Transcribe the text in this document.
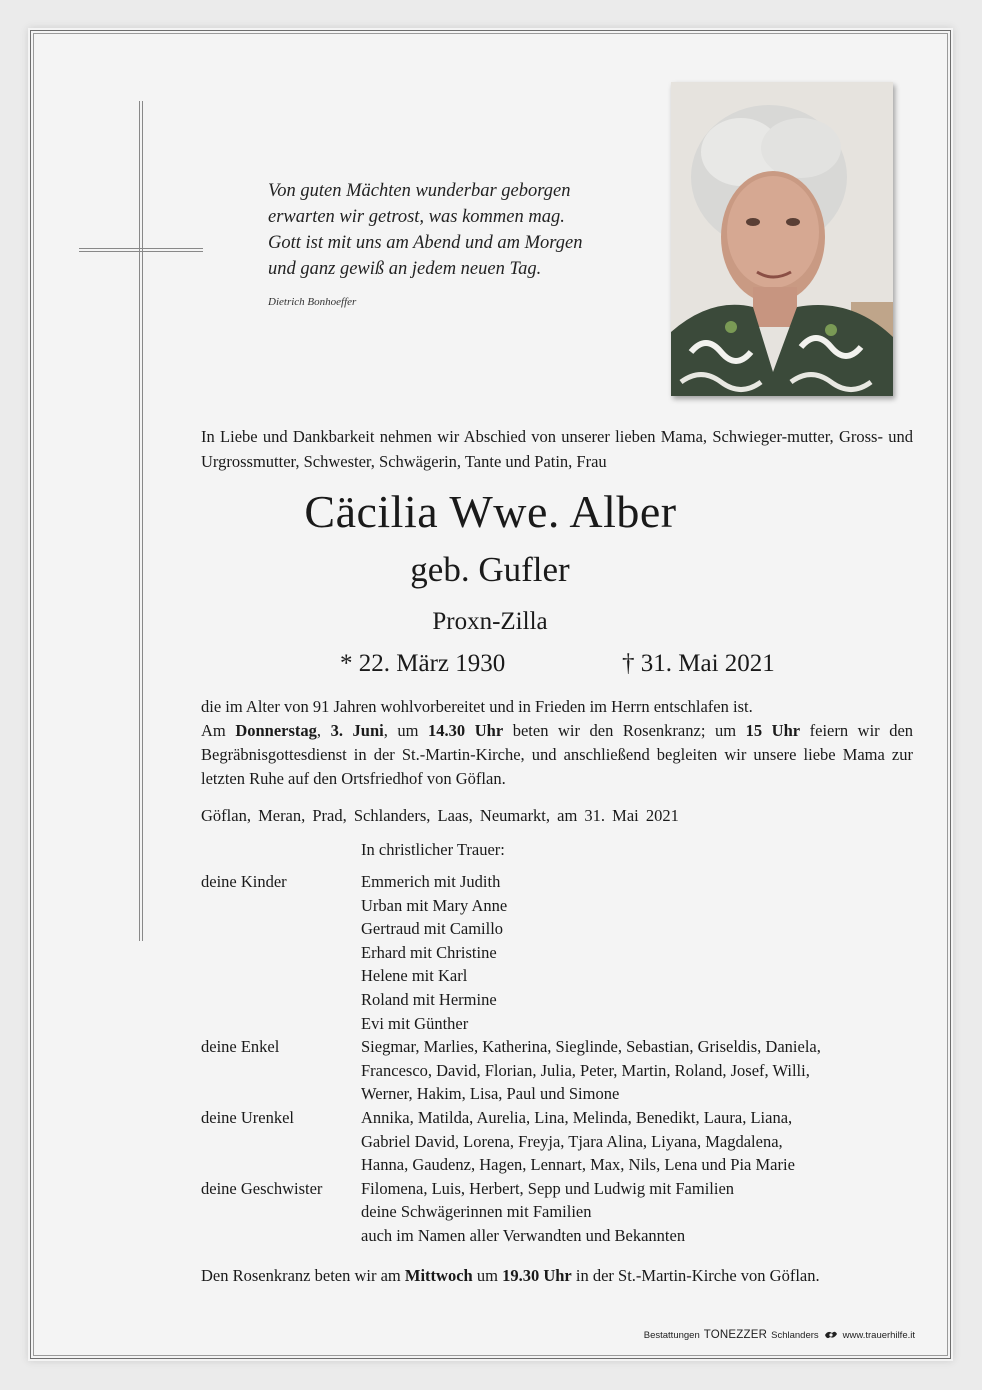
Von guten Mächten wunderbar geborgen
erwarten wir getrost, was kommen mag.
Gott ist mit uns am Abend und am Morgen
und ganz gewiß an jedem neuen Tag.
Dietrich Bonhoeffer
In Liebe und Dankbarkeit nehmen wir Abschied von unserer lieben Mama, Schwieger-mutter, Gross- und Urgrossmutter, Schwester, Schwägerin, Tante und Patin, Frau
Cäcilia Wwe. Alber
geb. Gufler
Proxn-Zilla
* 22. März 1930	† 31. Mai 2021
die im Alter von 91 Jahren wohlvorbereitet und in Frieden im Herrn entschlafen ist.
Am Donnerstag, 3. Juni, um 14.30 Uhr beten wir den Rosenkranz; um 15 Uhr feiern wir den Begräbnisgottesdienst in der St.-Martin-Kirche, und anschließend begleiten wir unsere liebe Mama zur letzten Ruhe auf den Ortsfriedhof von Göflan.
Göflan, Meran, Prad, Schlanders, Laas, Neumarkt, am 31. Mai 2021
In christlicher Trauer:
deine Kinder	Emmerich mit Judith
Urban mit Mary Anne
Gertraud mit Camillo
Erhard mit Christine
Helene mit Karl
Roland mit Hermine
Evi mit Günther
deine Enkel	Siegmar, Marlies, Katherina, Sieglinde, Sebastian, Griseldis, Daniela,
Francesco, David, Florian, Julia, Peter, Martin, Roland, Josef, Willi,
Werner, Hakim, Lisa, Paul und Simone
deine Urenkel	Annika, Matilda, Aurelia, Lina, Melinda, Benedikt, Laura, Liana,
Gabriel David, Lorena, Freyja, Tjara Alina, Liyana, Magdalena,
Hanna, Gaudenz, Hagen, Lennart, Max, Nils, Lena und Pia Marie
deine Geschwister	Filomena, Luis, Herbert, Sepp und Ludwig mit Familien
deine Schwägerinnen mit Familien
auch im Namen aller Verwandten und Bekannten
Den Rosenkranz beten wir am Mittwoch um 19.30 Uhr in der St.-Martin-Kirche von Göflan.
Bestattungen TONEZZER Schlanders	www.trauerhilfe.it
